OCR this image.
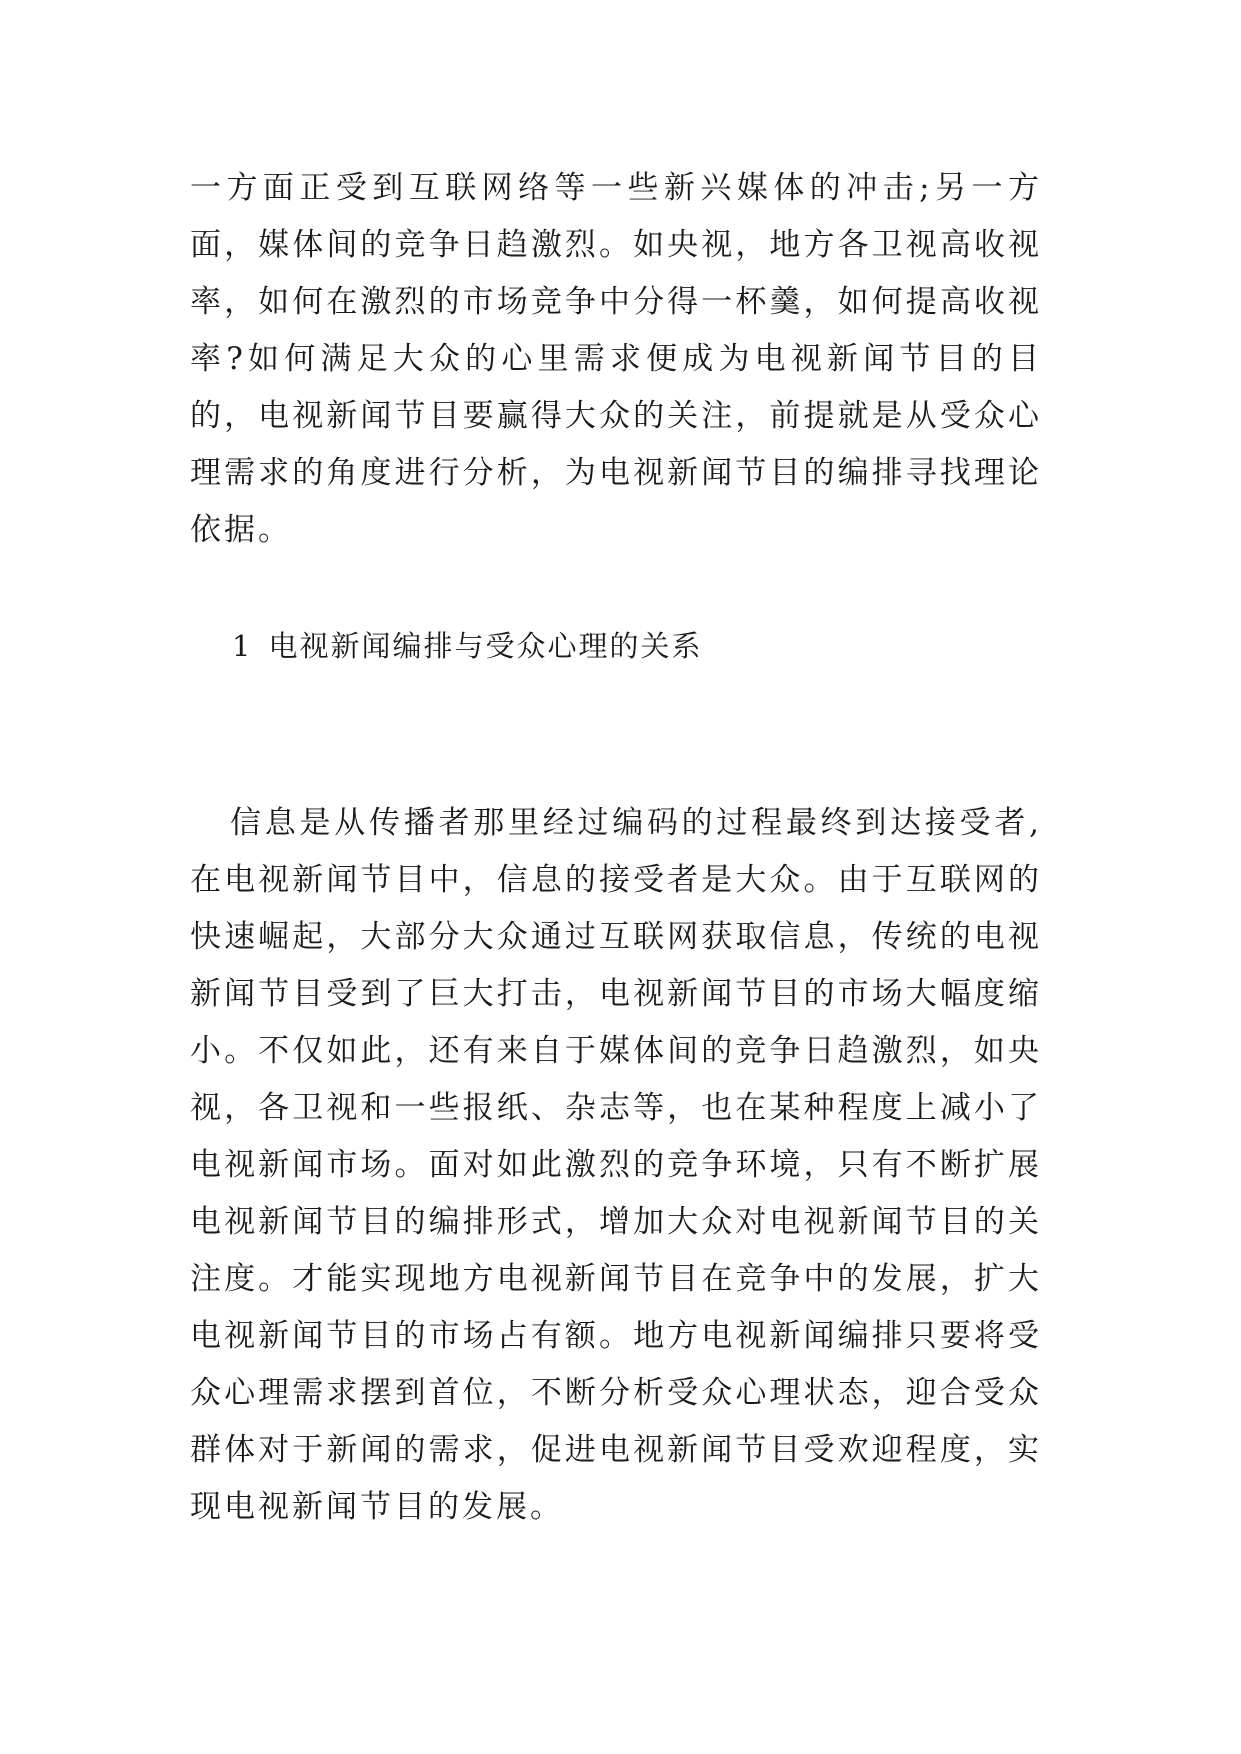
一方面正受到互联网络等一些新兴媒体的冲击;另一方面，媒体间的竞争日趋激烈。如央视，地方各卫视高收视率，如何在激烈的市场竞争中分得一杯羹，如何提高收视率?如何满足大众的心里需求便成为电视新闻节目的目的，电视新闻节目要赢得大众的关注，前提就是从受众心理需求的角度进行分析，为电视新闻节目的编排寻找理论依据。

1 电视新闻编排与受众心理的关系

信息是从传播者那里经过编码的过程最终到达接受者,在电视新闻节目中，信息的接受者是大众。由于互联网的快速崛起，大部分大众通过互联网获取信息，传统的电视新闻节目受到了巨大打击，电视新闻节目的市场大幅度缩小。不仅如此，还有来自于媒体间的竞争日趋激烈，如央视，各卫视和一些报纸、杂志等，也在某种程度上减小了电视新闻市场。面对如此激烈的竞争环境，只有不断扩展电视新闻节目的编排形式，增加大众对电视新闻节目的关注度。才能实现地方电视新闻节目在竞争中的发展，扩大电视新闻节目的市场占有额。地方电视新闻编排只要将受众心理需求摆到首位，不断分析受众心理状态，迎合受众群体对于新闻的需求，促进电视新闻节目受欢迎程度，实现电视新闻节目的发展。
